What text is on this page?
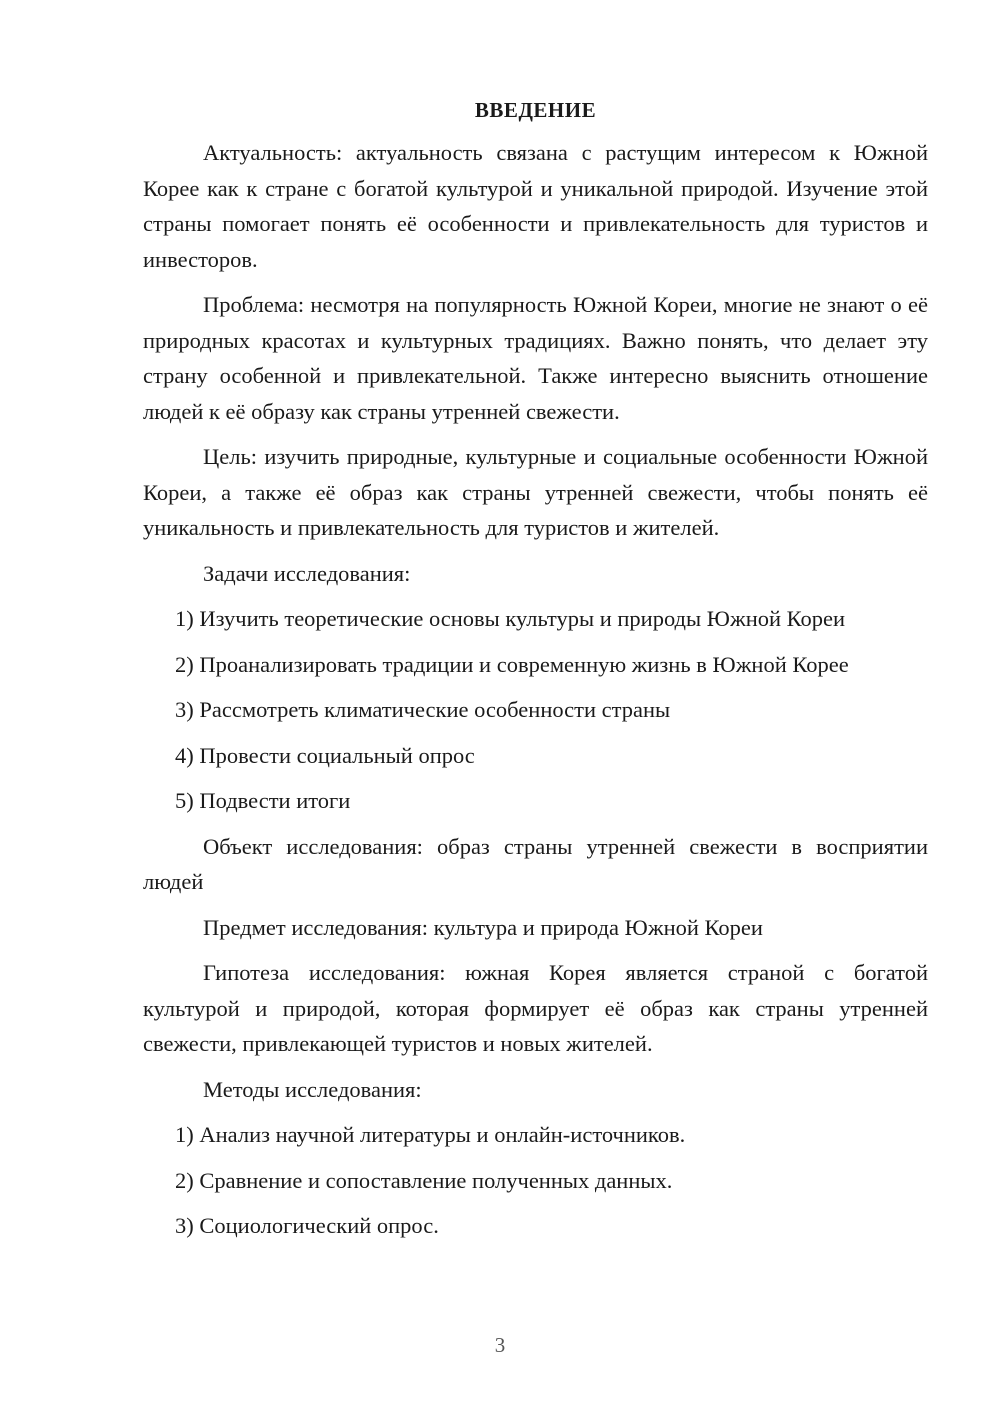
ВВЕДЕНИЕ

Актуальность: актуальность связана с растущим интересом к Южной Корее как к стране с богатой культурой и уникальной природой. Изучение этой страны помогает понять её особенности и привлекательность для туристов и инвесторов.

Проблема: несмотря на популярность Южной Кореи, многие не знают о её природных красотах и культурных традициях. Важно понять, что делает эту страну особенной и привлекательной. Также интересно выяснить отношение людей к её образу как страны утренней свежести.

Цель: изучить природные, культурные и социальные особенности Южной Кореи, а также её образ как страны утренней свежести, чтобы понять её уникальность и привлекательность для туристов и жителей.

Задачи исследования:

1) Изучить теоретические основы культуры и природы Южной Кореи

2) Проанализировать традиции и современную жизнь в Южной Корее

3) Рассмотреть климатические особенности страны

4) Провести социальный опрос

5) Подвести итоги

Объект исследования: образ страны утренней свежести в восприятии людей

Предмет исследования: культура и природа Южной Кореи

Гипотеза исследования: южная Корея является страной с богатой культурой и природой, которая формирует её образ как страны утренней свежести, привлекающей туристов и новых жителей.

Методы исследования:

1) Анализ научной литературы и онлайн-источников.

2) Сравнение и сопоставление полученных данных.

3) Социологический опрос.

3
